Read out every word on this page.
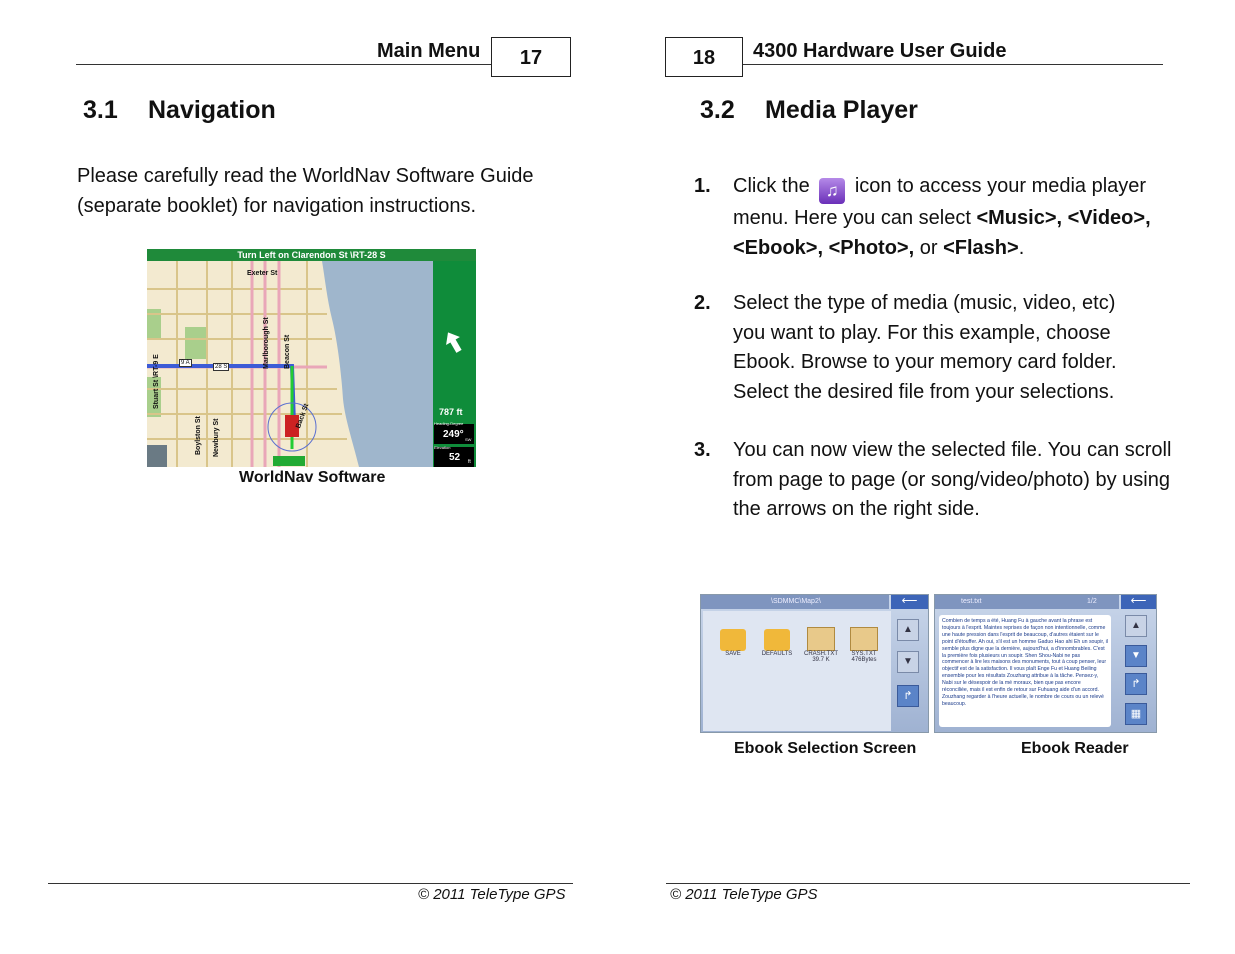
Main Menu	17
3.1 Navigation
Please carefully read the WorldNav Software Guide (separate booklet) for navigation instructions.
Turn Left on Clarendon St \RT-28 S
Exeter St
Marlborough St Beacon St
Back St
Boylston St Newbury St
Stuart St \RT-9 E	9 A
28 S
787 ft
Heading-Degree
249° SW
Elevation
52 ft
WorldNav Software
© 2011 TeleType GPS
18	4300 Hardware User Guide
3.2 Media Player
1. Click the ♫ icon to access your media player menu. Here you can select <Music>, <Video>, <Ebook>, <Photo>, or <Flash>.
2. Select the type of media (music, video, etc) you want to play. For this example, choose Ebook. Browse to your memory card folder. Select the desired file from your selections.
3. You can now view the selected file. You can scroll from page to page (or song/video/photo) by using the arrows on the right side.
\SDMMC\Map2\	⟵
SAVE	DEFAULTS	CRASH.TXT
39.7 K
SYS.TXT
476Bytes
▲
▼
↱
Ebook Selection Screen
test.txt	1/2	⟵
Combien de temps a été, Huang Fu à gauche avant la phrase est toujours à l'esprit. Maintes reprises de façon non intentionnelle, comme une haute pression dans l'esprit de beaucoup, d'autres étaient sur le point d'étouffer. Ah oui, s'il est un homme Gaduo Hao ahi Eh un soupir, il semble plus digne que la dernière, aujourd'hui, a d'innombrables. C'est la première fois plusieurs un soupir. Shen Shou-Nabi ne pas commencer à lire les maisons des monuments, tout à coup penser, leur objectif est de la satisfaction. Il vous plaît Enge Fu et Huang Beiling ensemble pour les résultats Zouzhang attribue à la tâche. Pensez-y, Nabi sur le désespoir de la mé moraux, bien que pas encore réconciliée, mais il est enfin de retour sur Fuhuang aide d'un accord. Zouzhang regarder à l'heure actuelle, le nombre de cours ou un relevé beaucoup.
▲
▼
↱
▦
Ebook Reader
© 2011 TeleType GPS
